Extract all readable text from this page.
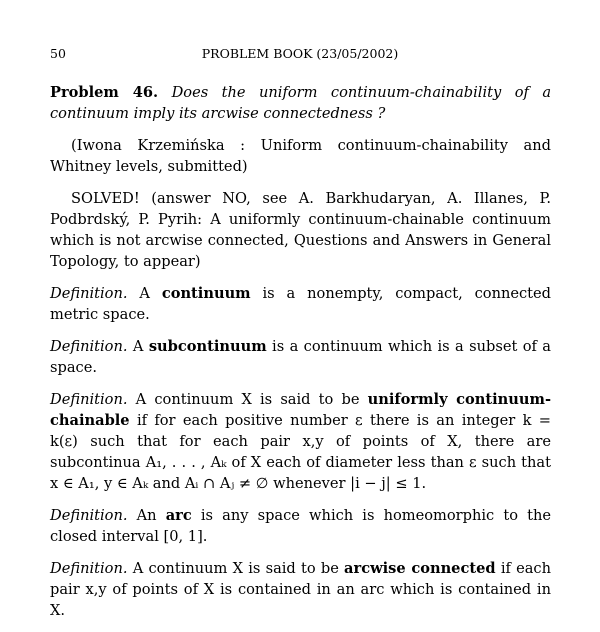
50	PROBLEM BOOK (23/05/2002)

Problem 46. Does the uniform continuum-chainability of a continuum imply its arcwise connectedness ?

(Iwona Krzemińska : Uniform continuum-chainability and Whitney levels, submitted)

SOLVED! (answer NO, see A. Barkhudaryan, A. Illanes, P. Podbrdský, P. Pyrih: A uniformly continuum-chainable continuum which is not arcwise connected, Questions and Answers in General Topology, to appear)

Definition. A continuum is a nonempty, compact, connected metric space.

Definition. A subcontinuum is a continuum which is a subset of a space.

Definition. A continuum X is said to be uniformly continuum-chainable if for each positive number ε there is an integer k = k(ε) such that for each pair x,y of points of X, there are subcontinua A₁, . . . , Aₖ of X each of diameter less than ε such that x ∈ A₁, y ∈ Aₖ and Aᵢ ∩ Aⱼ ≠ ∅ whenever |i − j| ≤ 1.

Definition. An arc is any space which is homeomorphic to the closed interval [0, 1].

Definition. A continuum X is said to be arcwise connected if each pair x,y of points of X is contained in an arc which is contained in X.
